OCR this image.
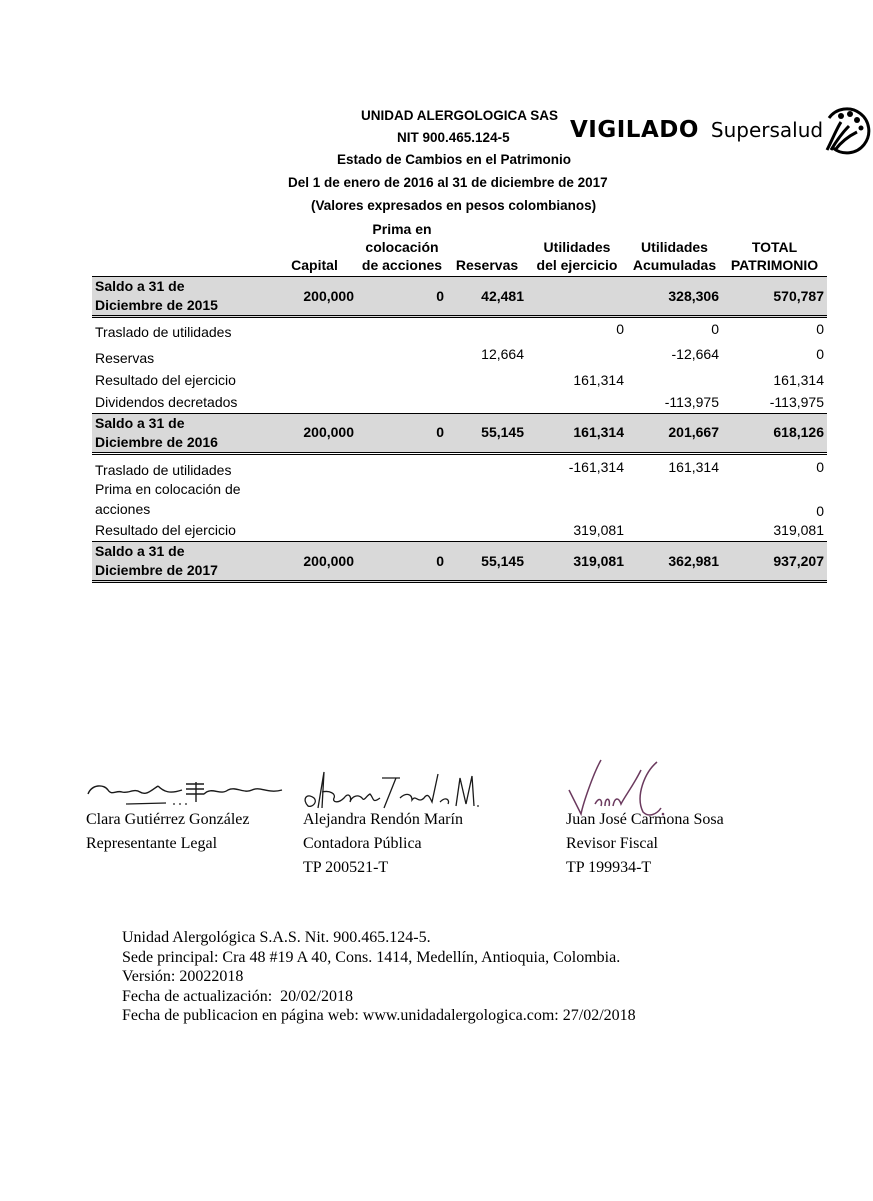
UNIDAD ALERGOLOGICA SAS
NIT 900.465.124-5
Estado de Cambios en el Patrimonio
Del 1 de enero de 2016 al 31 de diciembre de 2017
(Valores expresados en pesos colombianos)
VIGILADO Supersalud
	Capital	Prima en
colocación
de acciones	Reservas	Utilidades
del ejercicio	Utilidades
Acumuladas	TOTAL
PATRIMONIO
Saldo a 31 de
Diciembre de 2015	200,000	0	42,481		328,306	570,787
Traslado de utilidades				0	0	0
Reservas			12,664		-12,664	0
Resultado del ejercicio				161,314		161,314
Dividendos decretados					-113,975	-113,975
Saldo a 31 de
Diciembre de 2016	200,000	0	55,145	161,314	201,667	618,126
Traslado de utilidades				-161,314	161,314	0
Prima en colocación de
acciones						0
Resultado del ejercicio				319,081		319,081
Saldo a 31 de
Diciembre de 2017	200,000	0	55,145	319,081	362,981	937,207
Clara Gutiérrez González
Representante Legal
Alejandra Rendón Marín
Contadora Pública
TP 200521-T
Juan José Carmona Sosa
Revisor Fiscal
TP 199934-T
Unidad Alergológica S.A.S. Nit. 900.465.124-5.
Sede principal: Cra 48 #19 A 40, Cons. 1414, Medellín, Antioquia, Colombia.
Versión: 20022018
Fecha de actualización:  20/02/2018
Fecha de publicacion en página web: www.unidadalergologica.com: 27/02/2018
